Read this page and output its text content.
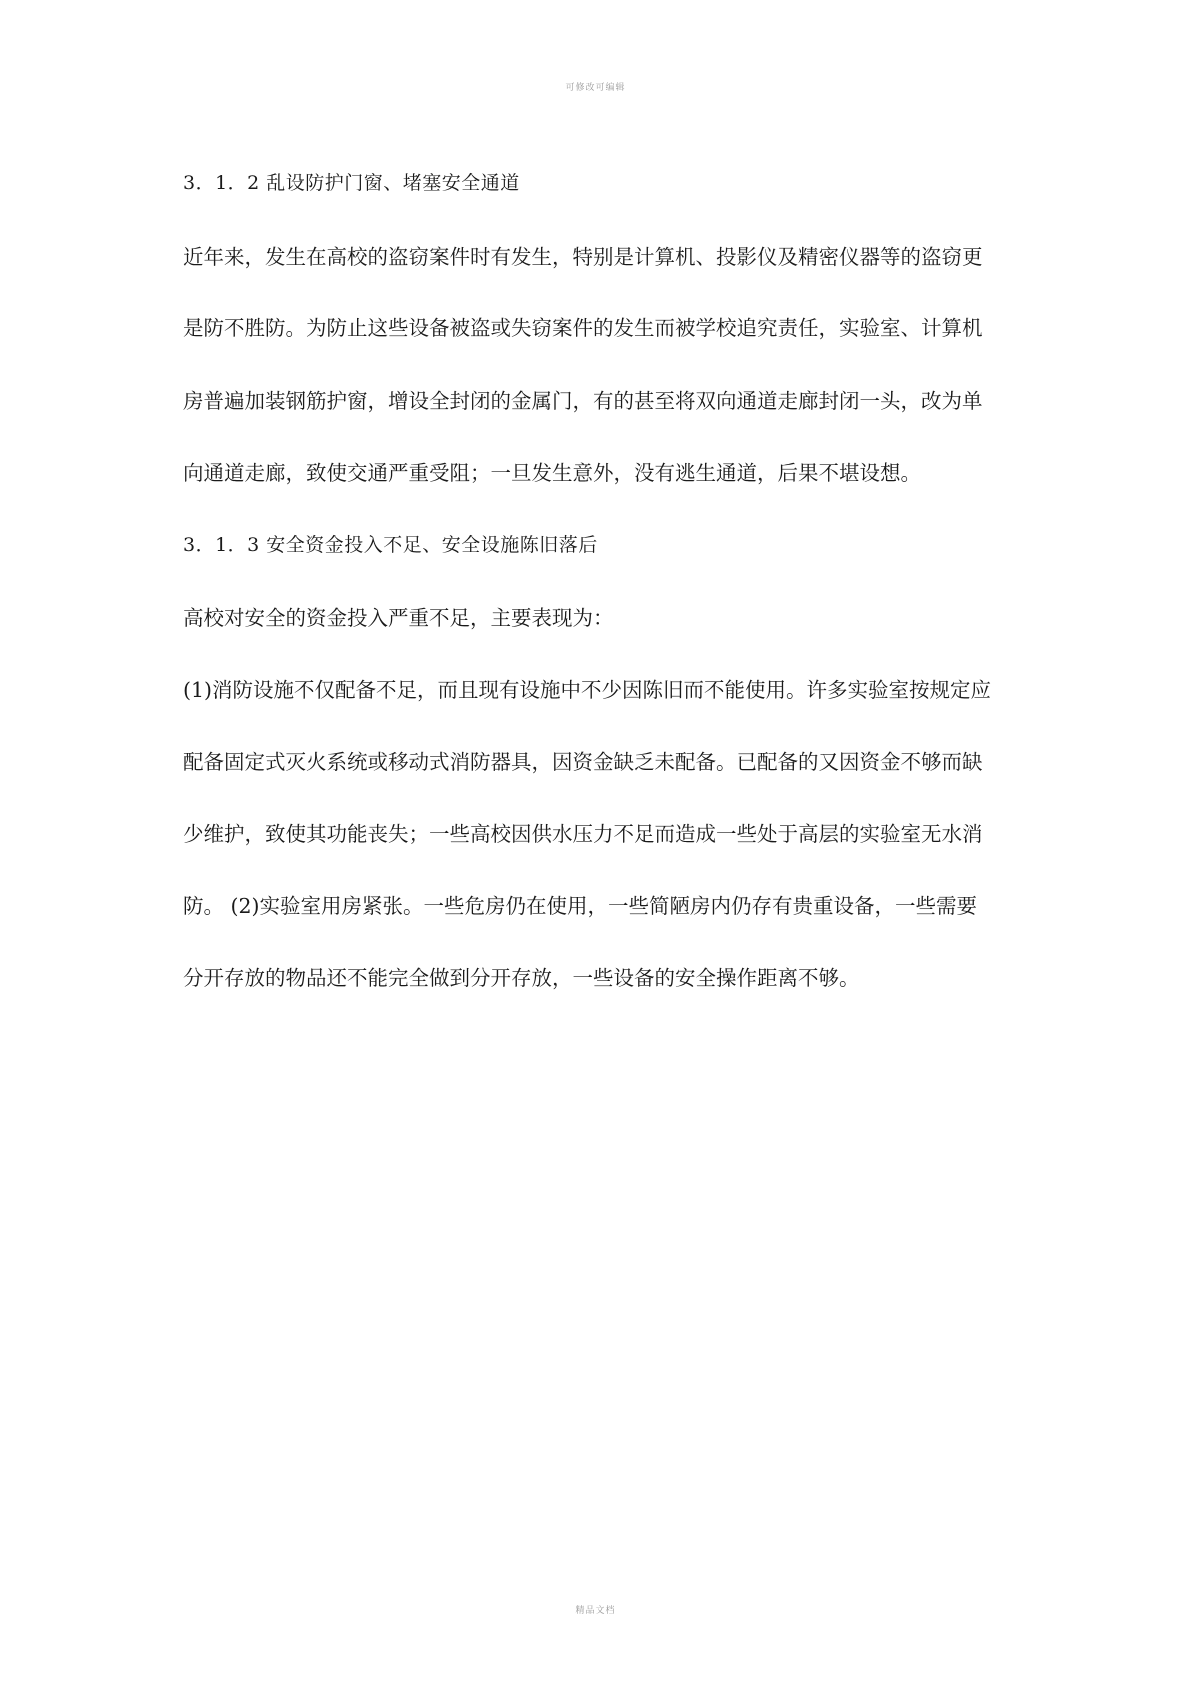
可修改可编辑
3．1．2 乱设防护门窗、堵塞安全通道
近年来，发生在高校的盗窃案件时有发生，特别是计算机、投影仪及精密仪器等的盗窃更
是防不胜防。为防止这些设备被盗或失窃案件的发生而被学校追究责任，实验室、计算机
房普遍加装钢筋护窗，增设全封闭的金属门，有的甚至将双向通道走廊封闭一头，改为单
向通道走廊，致使交通严重受阻；一旦发生意外，没有逃生通道，后果不堪设想。
3．1．3 安全资金投入不足、安全设施陈旧落后
高校对安全的资金投入严重不足，主要表现为：
(1)消防设施不仅配备不足，而且现有设施中不少因陈旧而不能使用。许多实验室按规定应
配备固定式灭火系统或移动式消防器具，因资金缺乏未配备。已配备的又因资金不够而缺
少维护，致使其功能丧失；一些高校因供水压力不足而造成一些处于高层的实验室无水消
防。 (2)实验室用房紧张。一些危房仍在使用，一些简陋房内仍存有贵重设备，一些需要
分开存放的物品还不能完全做到分开存放，一些设备的安全操作距离不够。
精品文档
